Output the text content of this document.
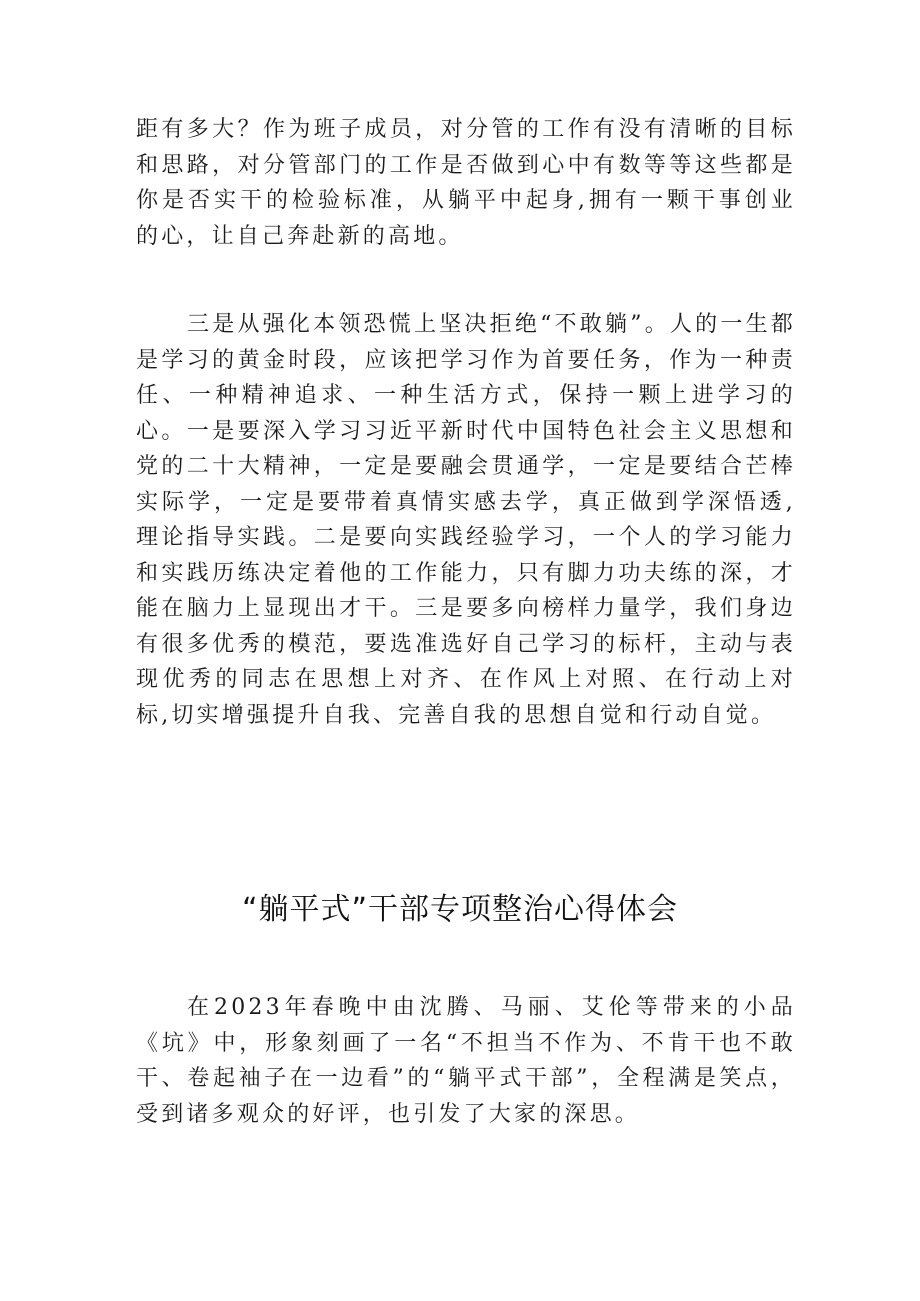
距有多大？作为班子成员，对分管的工作有没有清晰的目标和思路，对分管部门的工作是否做到心中有数等等这些都是你是否实干的检验标准，从躺平中起身,拥有一颗干事创业的心，让自己奔赴新的高地。

三是从强化本领恐慌上坚决拒绝“不敢躺”。人的一生都是学习的黄金时段，应该把学习作为首要任务，作为一种责任、一种精神追求、一种生活方式，保持一颗上进学习的心。一是要深入学习习近平新时代中国特色社会主义思想和党的二十大精神，一定是要融会贯通学，一定是要结合芒棒实际学，一定是要带着真情实感去学，真正做到学深悟透,理论指导实践。二是要向实践经验学习，一个人的学习能力和实践历练决定着他的工作能力，只有脚力功夫练的深，才能在脑力上显现出才干。三是要多向榜样力量学，我们身边有很多优秀的模范，要选准选好自己学习的标杆，主动与表现优秀的同志在思想上对齐、在作风上对照、在行动上对标,切实增强提升自我、完善自我的思想自觉和行动自觉。

“躺平式”干部专项整治心得体会

在2023年春晚中由沈腾、马丽、艾伦等带来的小品《坑》中，形象刻画了一名“不担当不作为、不肯干也不敢干、卷起袖子在一边看”的“躺平式干部”，全程满是笑点，受到诸多观众的好评，也引发了大家的深思。
